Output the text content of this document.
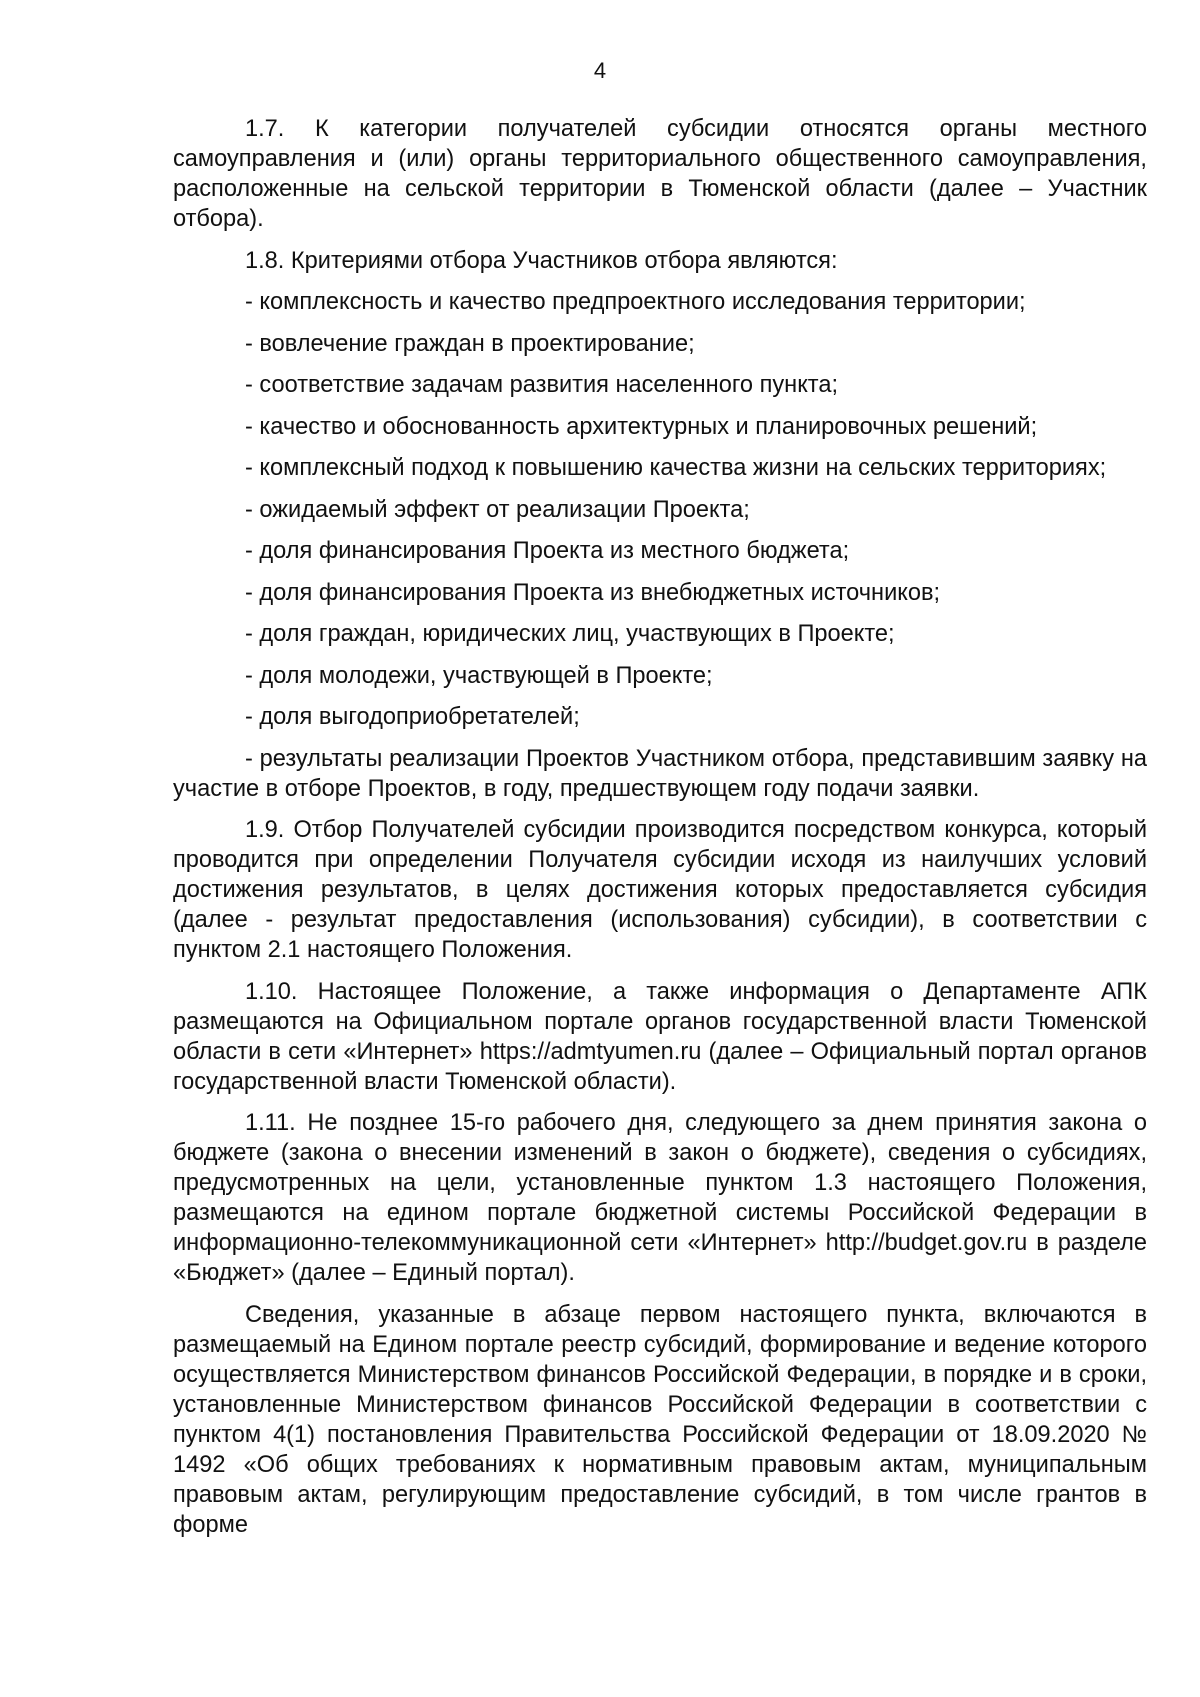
4

1.7. К категории получателей субсидии относятся органы местного самоуправления и (или) органы территориального общественного самоуправления, расположенные на сельской территории в Тюменской области (далее – Участник отбора).

1.8. Критериями отбора Участников отбора являются:

- комплексность и качество предпроектного исследования территории;

- вовлечение граждан в проектирование;

- соответствие задачам развития населенного пункта;

- качество и обоснованность архитектурных и планировочных решений;

- комплексный подход к повышению качества жизни на сельских территориях;

- ожидаемый эффект от реализации Проекта;

- доля финансирования Проекта из местного бюджета;

- доля финансирования Проекта из внебюджетных источников;

- доля граждан, юридических лиц, участвующих в Проекте;

- доля молодежи, участвующей в Проекте;

- доля выгодоприобретателей;

- результаты реализации Проектов Участником отбора, представившим заявку на участие в отборе Проектов, в году, предшествующем году подачи заявки.

1.9. Отбор Получателей субсидии производится посредством конкурса, который проводится при определении Получателя субсидии исходя из наилучших условий достижения результатов, в целях достижения которых предоставляется субсидия (далее - результат предоставления (использования) субсидии), в соответствии с пунктом 2.1 настоящего Положения.

1.10. Настоящее Положение, а также информация о Департаменте АПК размещаются на Официальном портале органов государственной власти Тюменской области в сети «Интернет» https://admtyumen.ru (далее – Официальный портал органов государственной власти Тюменской области).

1.11. Не позднее 15-го рабочего дня, следующего за днем принятия закона о бюджете (закона о внесении изменений в закон о бюджете), сведения о субсидиях, предусмотренных на цели, установленные пунктом 1.3 настоящего Положения, размещаются на едином портале бюджетной системы Российской Федерации в информационно-телекоммуникационной сети «Интернет» http://budget.gov.ru в разделе «Бюджет» (далее – Единый портал).

Сведения, указанные в абзаце первом настоящего пункта, включаются в размещаемый на Едином портале реестр субсидий, формирование и ведение которого осуществляется Министерством финансов Российской Федерации, в порядке и в сроки, установленные Министерством финансов Российской Федерации в соответствии с пунктом 4(1) постановления Правительства Российской Федерации от 18.09.2020 № 1492 «Об общих требованиях к нормативным правовым актам, муниципальным правовым актам, регулирующим предоставление субсидий, в том числе грантов в форме
